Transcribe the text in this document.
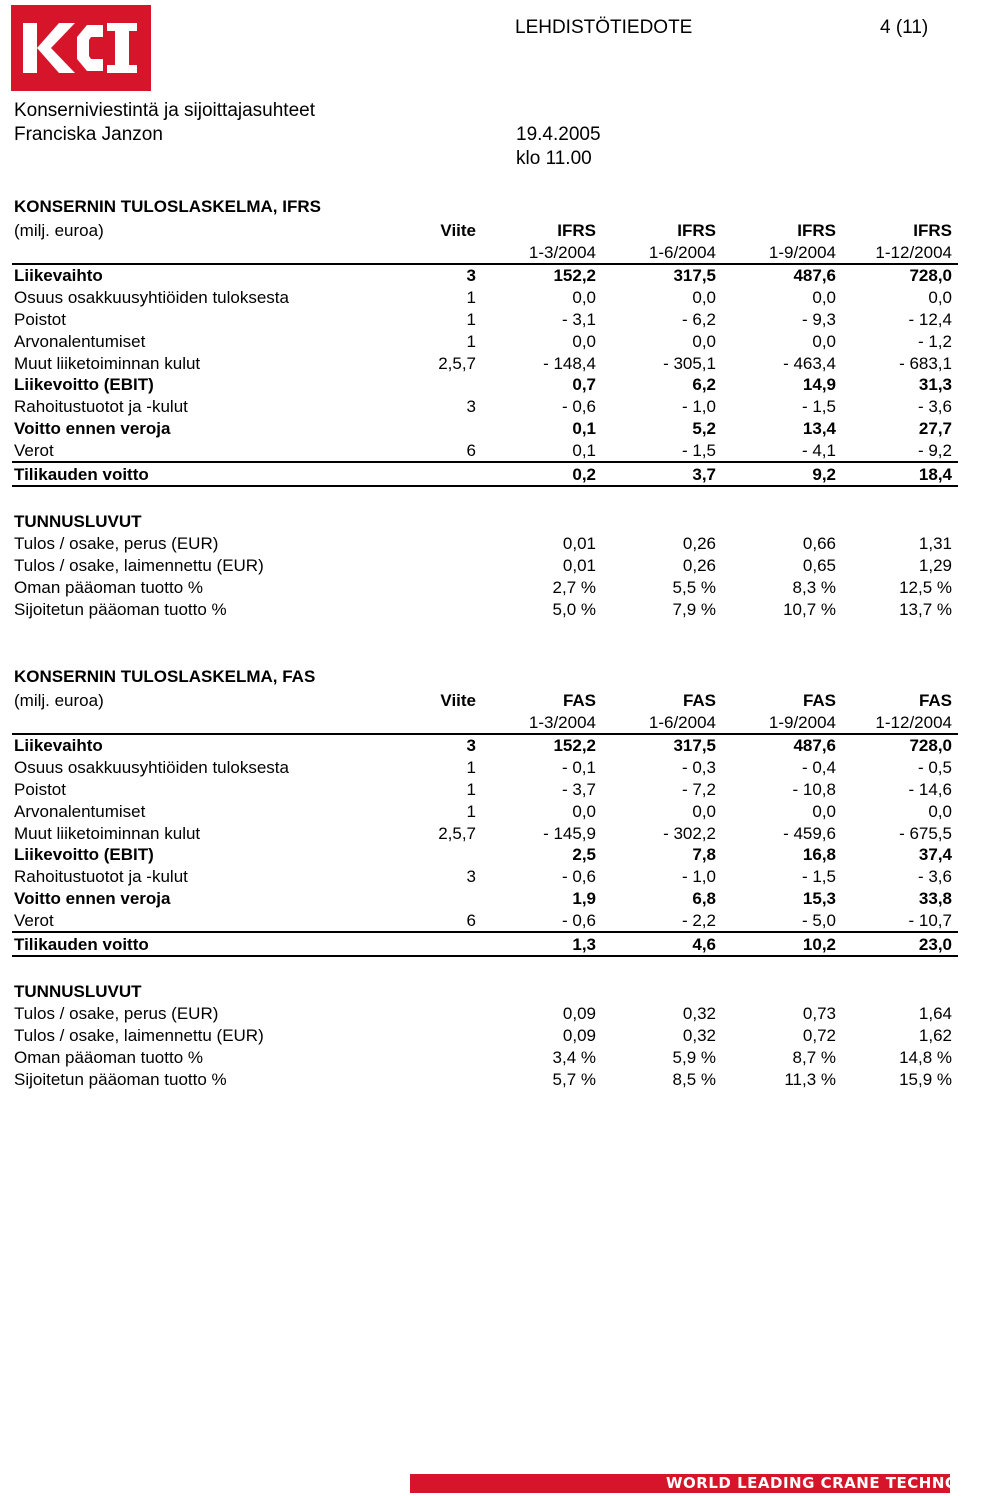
LEHDISTÖTIEDOTE	4 (11)
Konserniviestintä ja sijoittajasuhteet
Franciska Janzon	19.4.2005
klo 11.00
KONSERNIN TULOSLASKELMA, IFRS
(milj. euroa)	Viite	IFRS	IFRS	IFRS	IFRS
		1-3/2004	1-6/2004	1-9/2004	1-12/2004
Liikevaihto	3	152,2	317,5	487,6	728,0
Osuus osakkuusyhtiöiden tuloksesta	1	0,0	0,0	0,0	0,0
Poistot	1	- 3,1	- 6,2	- 9,3	- 12,4
Arvonalentumiset	1	0,0	0,0	0,0	- 1,2
Muut liiketoiminnan kulut	2,5,7	- 148,4	- 305,1	- 463,4	- 683,1
Liikevoitto (EBIT)		0,7	6,2	14,9	31,3
Rahoitustuotot ja -kulut	3	- 0,6	- 1,0	- 1,5	- 3,6
Voitto ennen veroja		0,1	5,2	13,4	27,7
Verot	6	0,1	- 1,5	- 4,1	- 9,2
Tilikauden voitto		0,2	3,7	9,2	18,4

TUNNUSLUVUT					
Tulos / osake, perus (EUR)		0,01	0,26	0,66	1,31
Tulos / osake, laimennettu (EUR)		0,01	0,26	0,65	1,29
Oman pääoman tuotto %		2,7 %	5,5 %	8,3 %	12,5 %
Sijoitetun pääoman tuotto %		5,0 %	7,9 %	10,7 %	13,7 %
KONSERNIN TULOSLASKELMA, FAS
(milj. euroa)	Viite	FAS	FAS	FAS	FAS
		1-3/2004	1-6/2004	1-9/2004	1-12/2004
Liikevaihto	3	152,2	317,5	487,6	728,0
Osuus osakkuusyhtiöiden tuloksesta	1	- 0,1	- 0,3	- 0,4	- 0,5
Poistot	1	- 3,7	- 7,2	- 10,8	- 14,6
Arvonalentumiset	1	0,0	0,0	0,0	0,0
Muut liiketoiminnan kulut	2,5,7	- 145,9	- 302,2	- 459,6	- 675,5
Liikevoitto (EBIT)		2,5	7,8	16,8	37,4
Rahoitustuotot ja -kulut	3	- 0,6	- 1,0	- 1,5	- 3,6
Voitto ennen veroja		1,9	6,8	15,3	33,8
Verot	6	- 0,6	- 2,2	- 5,0	- 10,7
Tilikauden voitto		1,3	4,6	10,2	23,0

TUNNUSLUVUT					
Tulos / osake, perus (EUR)		0,09	0,32	0,73	1,64
Tulos / osake, laimennettu (EUR)		0,09	0,32	0,72	1,62
Oman pääoman tuotto %		3,4 %	5,9 %	8,7 %	14,8 %
Sijoitetun pääoman tuotto %		5,7 %	8,5 %	11,3 %	15,9 %
WORLD LEADING CRANE TECHNOLOGY
